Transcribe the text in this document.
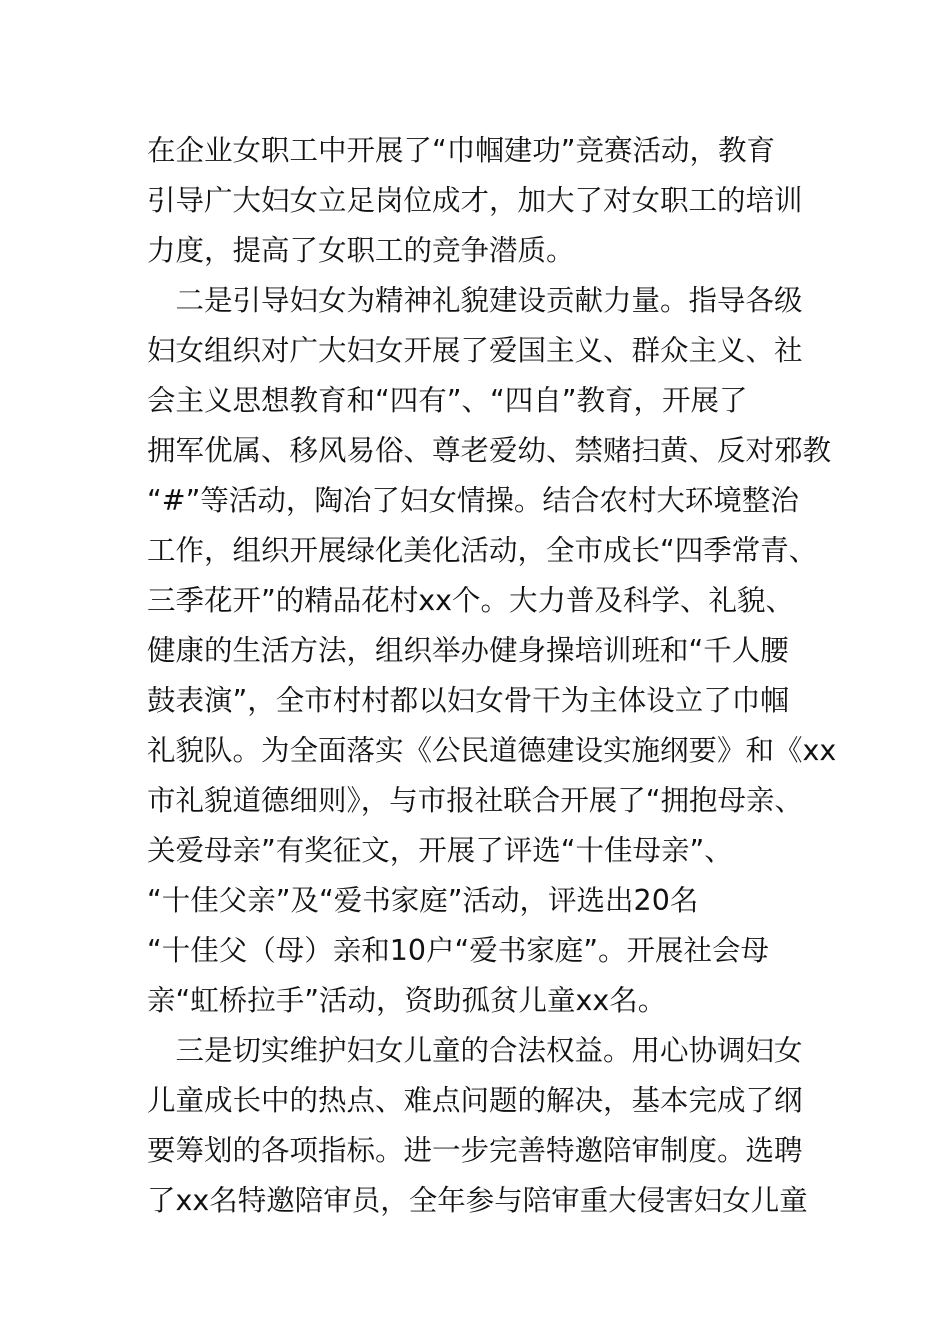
在企业女职工中开展了“巾帼建功”竞赛活动，教育
引导广大妇女立足岗位成才，加大了对女职工的培训
力度，提高了女职工的竞争潜质。
　二是引导妇女为精神礼貌建设贡献力量。指导各级
妇女组织对广大妇女开展了爱国主义、群众主义、社
会主义思想教育和“四有”、“四自”教育，开展了
拥军优属、移风易俗、尊老爱幼、禁赌扫黄、反对邪教
“#”等活动，陶冶了妇女情操。结合农村大环境整治
工作，组织开展绿化美化活动，全市成长“四季常青、
三季花开”的精品花村xx个。大力普及科学、礼貌、
健康的生活方法，组织举办健身操培训班和“千人腰
鼓表演”，全市村村都以妇女骨干为主体设立了巾帼
礼貌队。为全面落实《公民道德建设实施纲要》和《xx
市礼貌道德细则》，与市报社联合开展了“拥抱母亲、
关爱母亲”有奖征文，开展了评选“十佳母亲”、
“十佳父亲”及“爱书家庭”活动，评选出20名
“十佳父（母）亲和10户“爱书家庭”。开展社会母
亲“虹桥拉手”活动，资助孤贫儿童xx名。
　三是切实维护妇女儿童的合法权益。用心协调妇女
儿童成长中的热点、难点问题的解决，基本完成了纲
要筹划的各项指标。进一步完善特邀陪审制度。选聘
了xx名特邀陪审员，全年参与陪审重大侵害妇女儿童
